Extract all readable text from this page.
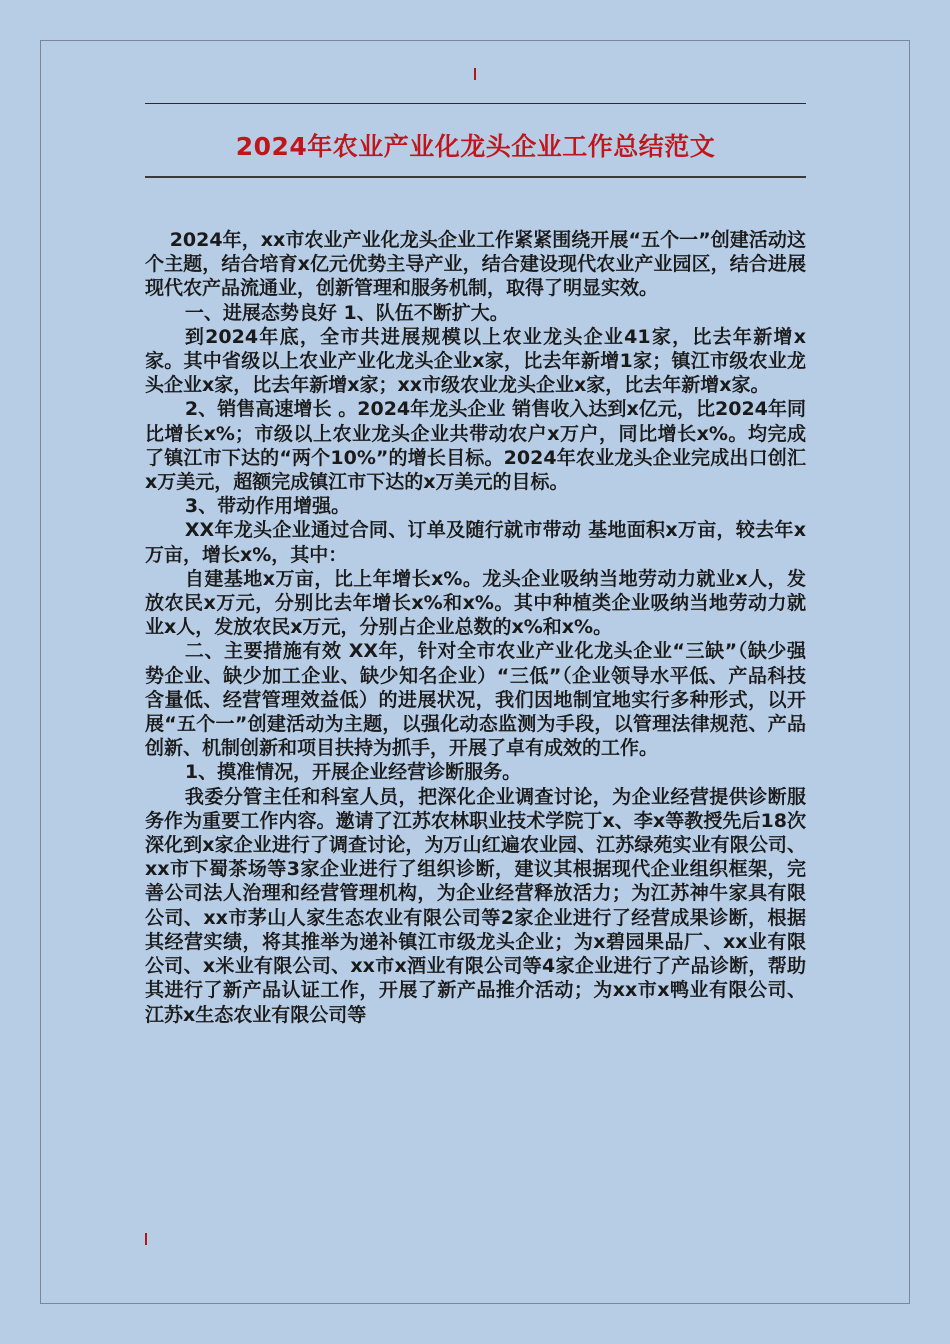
2024年农业产业化龙头企业工作总结范文

2024年，xx市农业产业化龙头企业工作紧紧围绕开展“五个一”创建活动这个主题，结合培育x亿元优势主导产业，结合建设现代农业产业园区，结合进展现代农产品流通业，创新管理和服务机制，取得了明显实效。

一、进展态势良好 1、队伍不断扩大。

到2024年底，全市共进展规模以上农业龙头企业41家，比去年新增x家。其中省级以上农业产业化龙头企业x家，比去年新增1家；镇江市级农业龙头企业x家，比去年新增x家；xx市级农业龙头企业x家，比去年新增x家。

2、销售高速增长 。2024年龙头企业 销售收入达到x亿元，比2024年同比增长x%；市级以上农业龙头企业共带动农户x万户，同比增长x%。均完成了镇江市下达的“两个10%”的增长目标。2024年农业龙头企业完成出口创汇 x万美元，超额完成镇江市下达的x万美元的目标。

3、带动作用增强。

XX年龙头企业通过合同、订单及随行就市带动 基地面积x万亩，较去年x万亩，增长x%，其中：

自建基地x万亩，比上年增长x%。龙头企业吸纳当地劳动力就业x人，发放农民x万元，分别比去年增长x%和x%。其中种植类企业吸纳当地劳动力就业x人，发放农民x万元，分别占企业总数的x%和x%。

二、主要措施有效 XX年，针对全市农业产业化龙头企业“三缺”（缺少强势企业、缺少加工企业、缺少知名企业）“三低”（企业领导水平低、产品科技含量低、经营管理效益低）的进展状况，我们因地制宜地实行多种形式，以开展“五个一”创建活动为主题，以强化动态监测为手段，以管理法律规范、产品创新、机制创新和项目扶持为抓手，开展了卓有成效的工作。

1、摸准情况，开展企业经营诊断服务。

我委分管主任和科室人员，把深化企业调查讨论，为企业经营提供诊断服务作为重要工作内容。邀请了江苏农林职业技术学院丁x、李x等教授先后18次深化到x家企业进行了调查讨论，为万山红遍农业园、江苏绿苑实业有限公司、xx市下蜀茶场等3家企业进行了组织诊断，建议其根据现代企业组织框架，完善公司法人治理和经营管理机构，为企业经营释放活力；为江苏神牛家具有限公司、xx市茅山人家生态农业有限公司等2家企业进行了经营成果诊断，根据其经营实绩，将其推举为递补镇江市级龙头企业；为x碧园果品厂、xx业有限公司、x米业有限公司、xx市x酒业有限公司等4家企业进行了产品诊断，帮助其进行了新产品认证工作，开展了新产品推介活动；为xx市x鸭业有限公司、江苏x生态农业有限公司等
